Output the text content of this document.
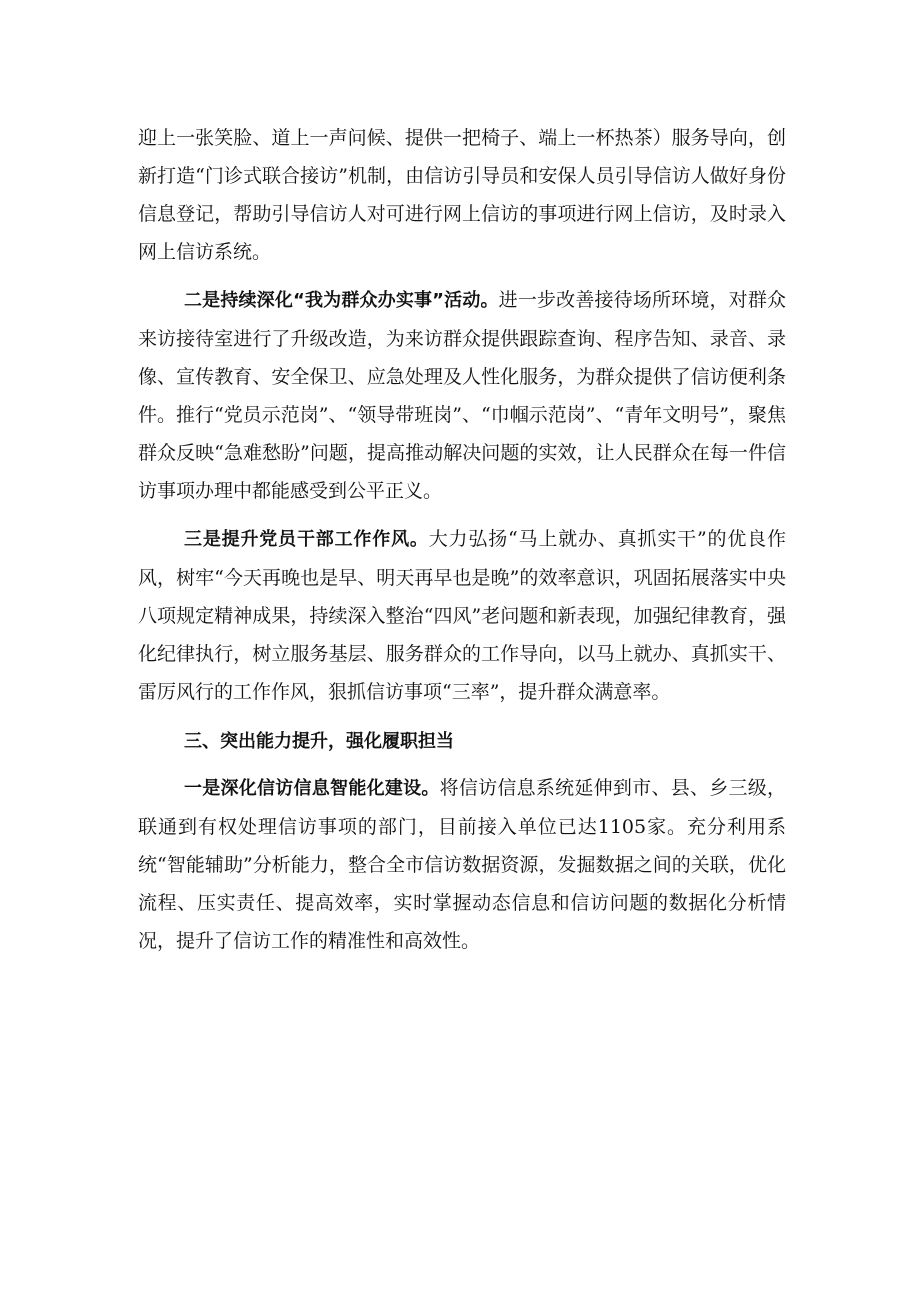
迎上一张笑脸、道上一声问候、提供一把椅子、端上一杯热茶）服务导向，创新打造“门诊式联合接访”机制，由信访引导员和安保人员引导信访人做好身份信息登记，帮助引导信访人对可进行网上信访的事项进行网上信访，及时录入网上信访系统。

二是持续深化“我为群众办实事”活动。进一步改善接待场所环境，对群众来访接待室进行了升级改造，为来访群众提供跟踪查询、程序告知、录音、录像、宣传教育、安全保卫、应急处理及人性化服务，为群众提供了信访便利条件。推行“党员示范岗”、“领导带班岗”、“巾帼示范岗”、“青年文明号”，聚焦群众反映“急难愁盼”问题，提高推动解决问题的实效，让人民群众在每一件信访事项办理中都能感受到公平正义。

三是提升党员干部工作作风。大力弘扬“马上就办、真抓实干”的优良作风，树牢“今天再晚也是早、明天再早也是晚”的效率意识，巩固拓展落实中央八项规定精神成果，持续深入整治“四风”老问题和新表现，加强纪律教育，强化纪律执行，树立服务基层、服务群众的工作导向，以马上就办、真抓实干、雷厉风行的工作作风，狠抓信访事项“三率”，提升群众满意率。

三、突出能力提升，强化履职担当

一是深化信访信息智能化建设。将信访信息系统延伸到市、县、乡三级，联通到有权处理信访事项的部门，目前接入单位已达1105家。充分利用系统“智能辅助”分析能力，整合全市信访数据资源，发掘数据之间的关联，优化流程、压实责任、提高效率，实时掌握动态信息和信访问题的数据化分析情况，提升了信访工作的精准性和高效性。
